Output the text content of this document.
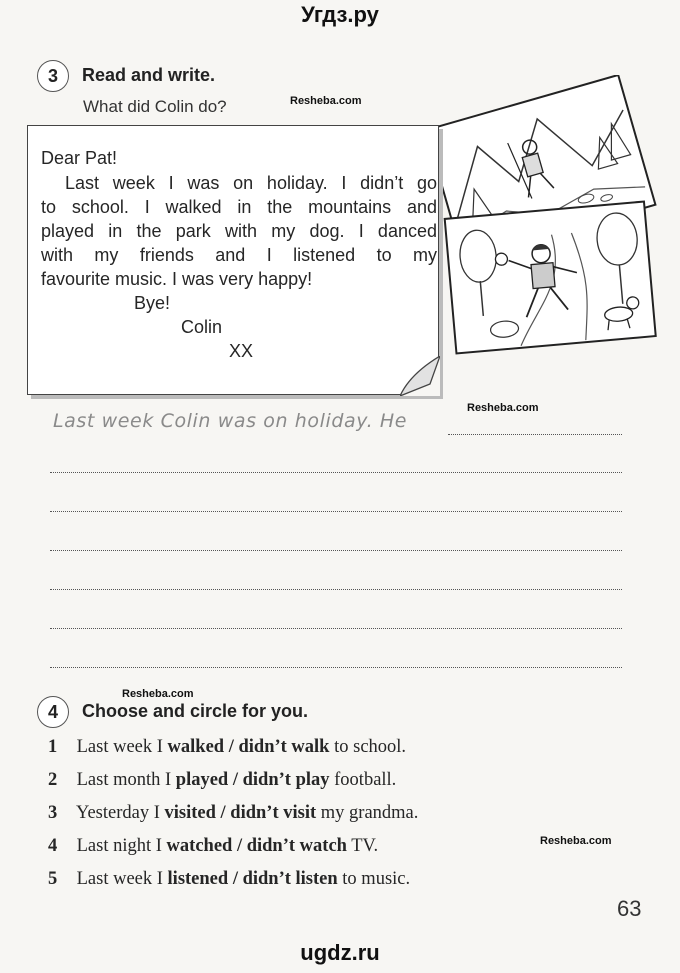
Угдз.ру
3	Read and write.
What did Colin do?	Resheba.com
Dear Pat!
Last week I was on holiday. I didn’t go
to school. I walked in the mountains and
played in the park with my dog. I danced
with my friends and I listened to my
favourite music. I was very happy!
Bye!
Colin
XX
Resheba.com
Last week Colin was on holiday. He
Resheba.com
4	Choose and circle for you.
1 Last week I walked / didn’t walk to school.
2 Last month I played / didn’t play football.
3 Yesterday I visited / didn’t visit my grandma.
Resheba.com
4 Last night I watched / didn’t watch TV.
5 Last week I listened / didn’t listen to music.
63
ugdz.ru
